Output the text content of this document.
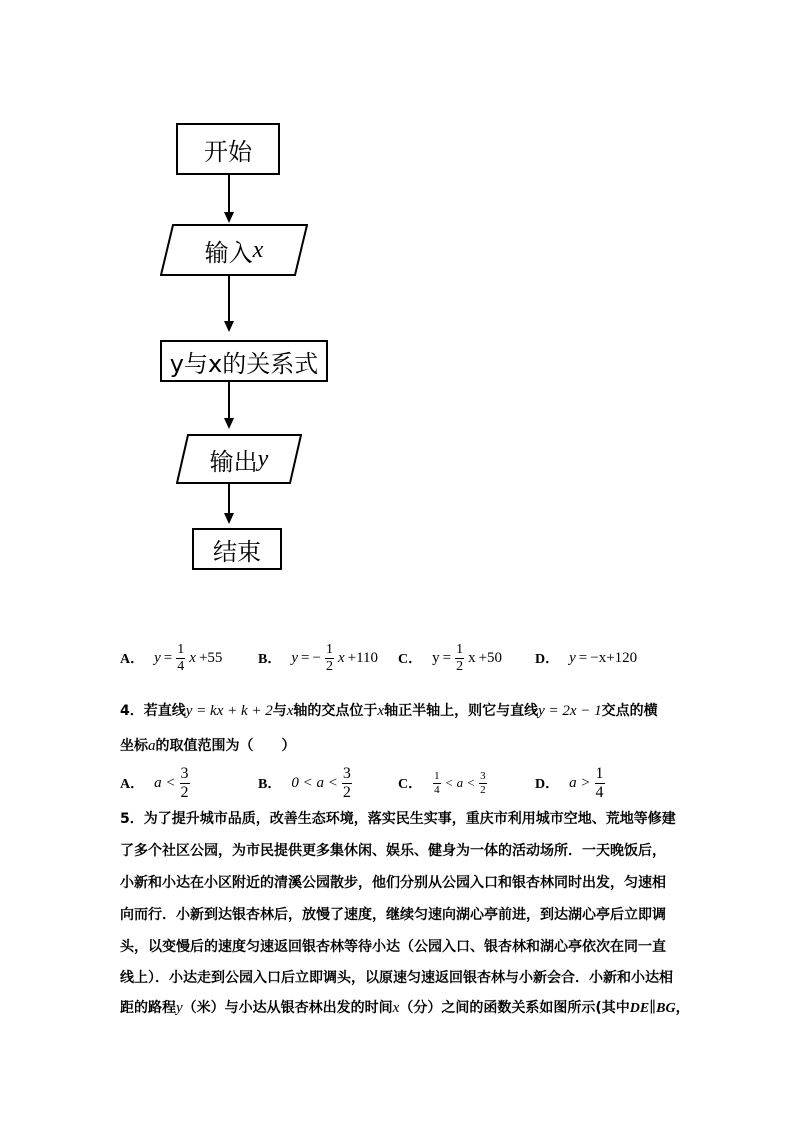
开始
输入 x
y与x的关系式
输出 y
结束
A． $y = \frac{1}{4}$ x +55	B． y = − $\frac{1}{2}$ x +110 C． $y = \frac{1}{2}$ x +50 D． y = −x+120
4．若直线y = kx + k + 2与x轴的交点位于x轴正半轴上，则它与直线y = 2x − 1交点的横
坐标a的取值范围为（　　）
A． $a < \frac{3}{2}$	B． $0 < a < \frac{3}{2}$	C． $\frac{1}{4} < a < \frac{3}{2}$	D． $a > \frac{1}{4}$
5．为了提升城市品质，改善生态环境，落实民生实事，重庆市利用城市空地、荒地等修建
了多个社区公园，为市民提供更多集休闲、娱乐、健身为一体的活动场所．一天晚饭后，
小新和小达在小区附近的清溪公园散步，他们分别从公园入口和银杏林同时出发，匀速相
向而行．小新到达银杏林后，放慢了速度，继续匀速向湖心亭前进，到达湖心亭后立即调
头，以变慢后的速度匀速返回银杏林等待小达（公园入口、银杏林和湖心亭依次在同一直
线上）．小达走到公园入口后立即调头，以原速匀速返回银杏林与小新会合．小新和小达相
距的路程y（米）与小达从银杏林出发的时间x（分）之间的函数关系如图所示(其中DE∥BG，
